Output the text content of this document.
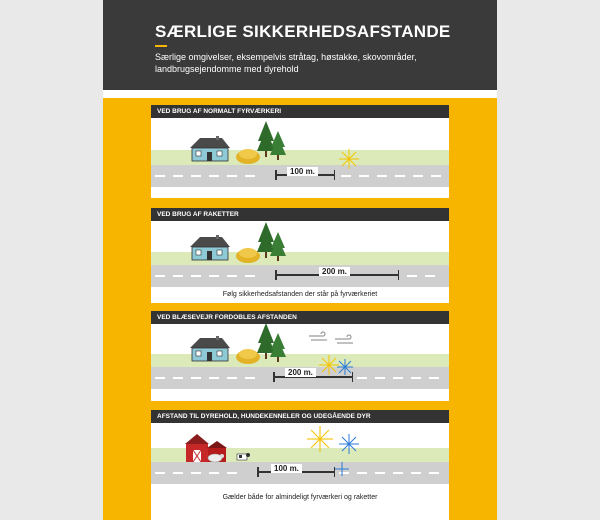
SÆRLIGE SIKKERHEDSAFSTANDE
Særlige omgivelser, eksempelvis stråtag, høstakke, skovområder, landbrugsejendomme med dyrehold
VED BRUG AF NORMALT FYRVÆRKERI
100 m.
VED BRUG AF RAKETTER
200 m.
Følg sikkerhedsafstanden der står på fyrværkeriet
VED BLÆSEVEJR FORDOBLES AFSTANDEN
200 m.
AFSTAND TIL DYREHOLD, HUNDEKENNELER OG UDEGÅENDE DYR
100 m.
Gælder både for almindeligt fyrværkeri og raketter
